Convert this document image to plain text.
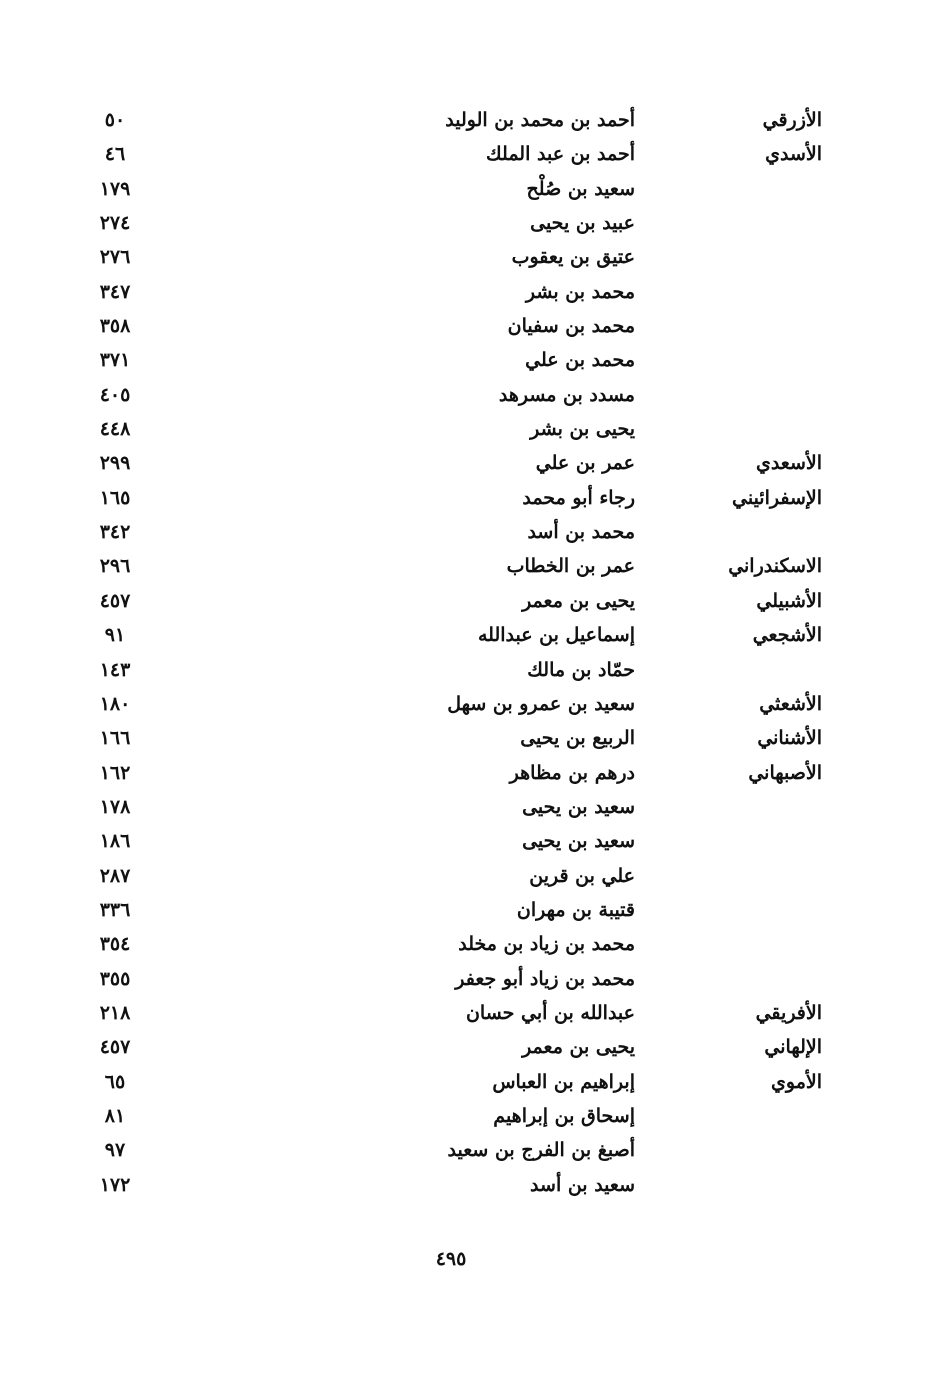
الأزرقي
أحمد بن محمد بن الوليد
٥٠
الأسدي
أحمد بن عبد الملك
٤٦
سعيد بن صُلْح
١٧٩
عبيد بن يحيى
٢٧٤
عتيق بن يعقوب
٢٧٦
محمد بن بشر
٣٤٧
محمد بن سفيان
٣٥٨
محمد بن علي
٣٧١
مسدد بن مسرهد
٤٠٥
يحيى بن بشر
٤٤٨
الأسعدي
عمر بن علي
٢٩٩
الإسفرائيني
رجاء أبو محمد
١٦٥
محمد بن أسد
٣٤٢
الاسكندراني
عمر بن الخطاب
٢٩٦
الأشبيلي
يحيى بن معمر
٤٥٧
الأشجعي
إسماعيل بن عبدالله
٩١
حمّاد بن مالك
١٤٣
الأشعثي
سعيد بن عمرو بن سهل
١٨٠
الأشناني
الربيع بن يحيى
١٦٦
الأصبهاني
درهم بن مظاهر
١٦٢
سعيد بن يحيى
١٧٨
سعيد بن يحيى
١٨٦
علي بن قرين
٢٨٧
قتيبة بن مهران
٣٣٦
محمد بن زياد بن مخلد
٣٥٤
محمد بن زياد أبو جعفر
٣٥٥
الأفريقي
عبدالله بن أبي حسان
٢١٨
الإلهاني
يحيى بن معمر
٤٥٧
الأموي
إبراهيم بن العباس
٦٥
إسحاق بن إبراهيم
٨١
أصبغ بن الفرج بن سعيد
٩٧
سعيد بن أسد
١٧٢
٤٩٥
